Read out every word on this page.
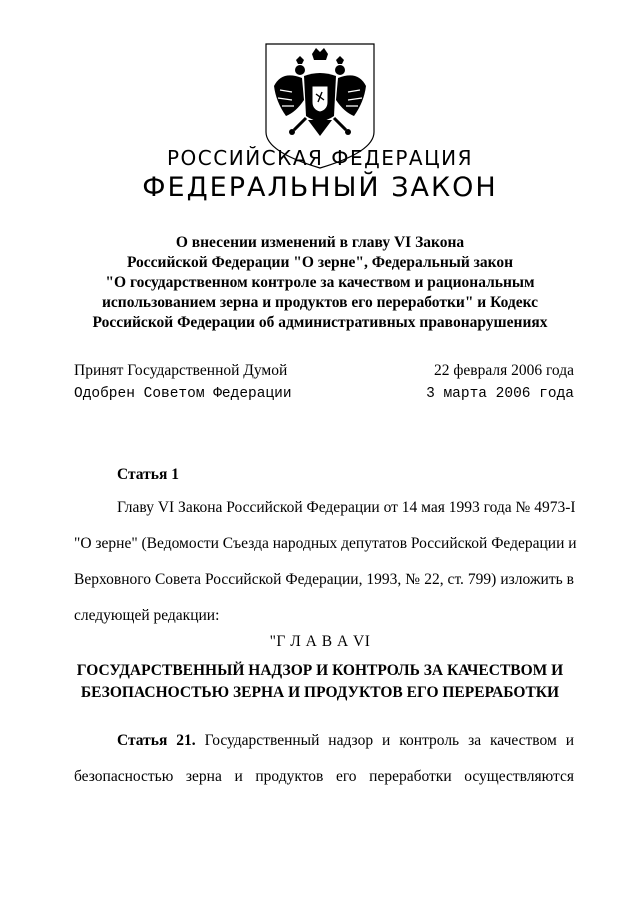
РОССИЙСКАЯ ФЕДЕРАЦИЯ
ФЕДЕРАЛЬНЫЙ ЗАКОН
О внесении изменений в главу VI Закона
Российской Федерации "О зерне", Федеральный закон
"О государственном контроле за качеством и рациональным
использованием зерна и продуктов его переработки" и Кодекс
Российской Федерации об административных правонарушениях
Принят Государственной Думой	22 февраля 2006 года
Одобрен Советом Федерации	3 марта 2006 года
Статья 1
Главу VI Закона Российской Федерации от 14 мая 1993 года № 4973-I
"О зерне" (Ведомости Съезда народных депутатов Российской Федерации и
Верховного Совета Российской Федерации, 1993, № 22, ст. 799) изложить в
следующей редакции:
"Г Л А В А VI
ГОСУДАРСТВЕННЫЙ НАДЗОР И КОНТРОЛЬ ЗА КАЧЕСТВОМ И
БЕЗОПАСНОСТЬЮ ЗЕРНА И ПРОДУКТОВ ЕГО ПЕРЕРАБОТКИ
Статья 21. Государственный надзор и контроль за качеством и
безопасностью зерна и продуктов его переработки осуществляются
